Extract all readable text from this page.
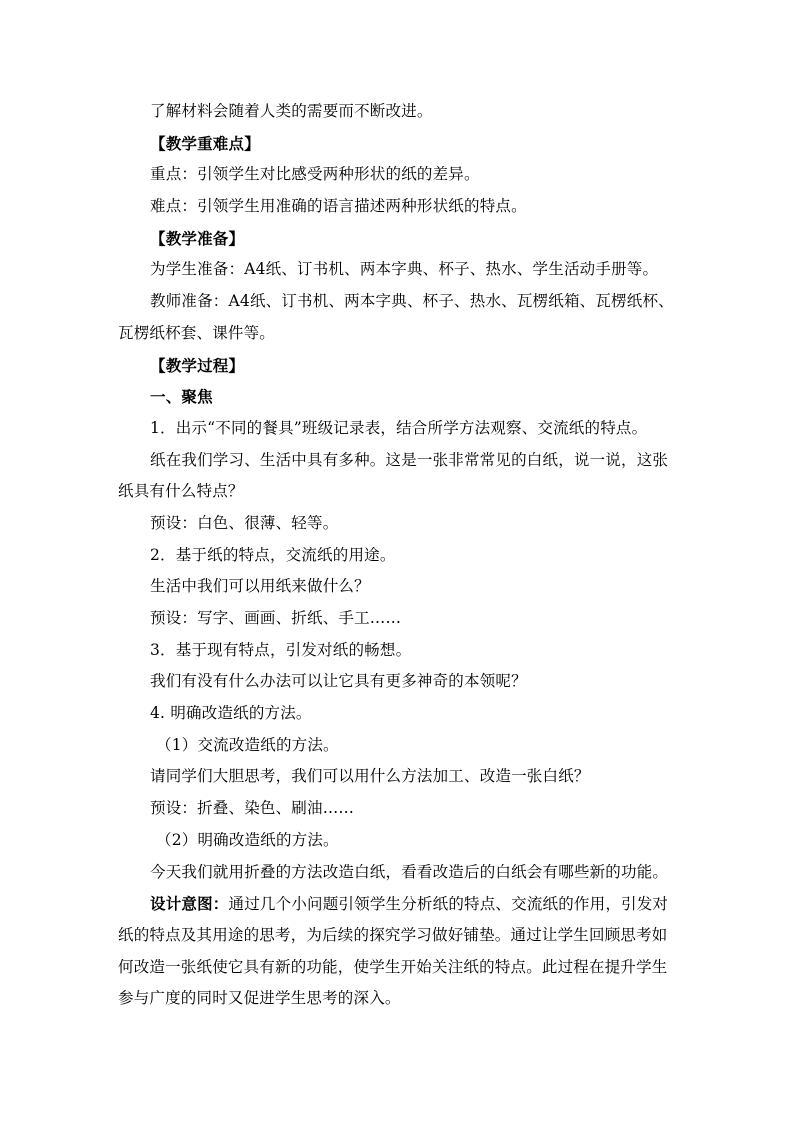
了解材料会随着人类的需要而不断改进。
【教学重难点】
重点：引领学生对比感受两种形状的纸的差异。
难点：引领学生用准确的语言描述两种形状纸的特点。
【教学准备】
为学生准备：A4纸、订书机、两本字典、杯子、热水、学生活动手册等。
教师准备：A4纸、订书机、两本字典、杯子、热水、瓦楞纸箱、瓦楞纸杯、
瓦楞纸杯套、课件等。
【教学过程】
一、聚焦
1．出示“不同的餐具”班级记录表，结合所学方法观察、交流纸的特点。
纸在我们学习、生活中具有多种。这是一张非常常见的白纸，说一说，这张
纸具有什么特点？
预设：白色、很薄、轻等。
2．基于纸的特点，交流纸的用途。
生活中我们可以用纸来做什么？
预设：写字、画画、折纸、手工……
3．基于现有特点，引发对纸的畅想。
我们有没有什么办法可以让它具有更多神奇的本领呢？
4. 明确改造纸的方法。
（1）交流改造纸的方法。
请同学们大胆思考，我们可以用什么方法加工、改造一张白纸？
预设：折叠、染色、刷油……
（2）明确改造纸的方法。
今天我们就用折叠的方法改造白纸，看看改造后的白纸会有哪些新的功能。
设计意图：通过几个小问题引领学生分析纸的特点、交流纸的作用，引发对
纸的特点及其用途的思考，为后续的探究学习做好铺垫。通过让学生回顾思考如
何改造一张纸使它具有新的功能，使学生开始关注纸的特点。此过程在提升学生
参与广度的同时又促进学生思考的深入。
